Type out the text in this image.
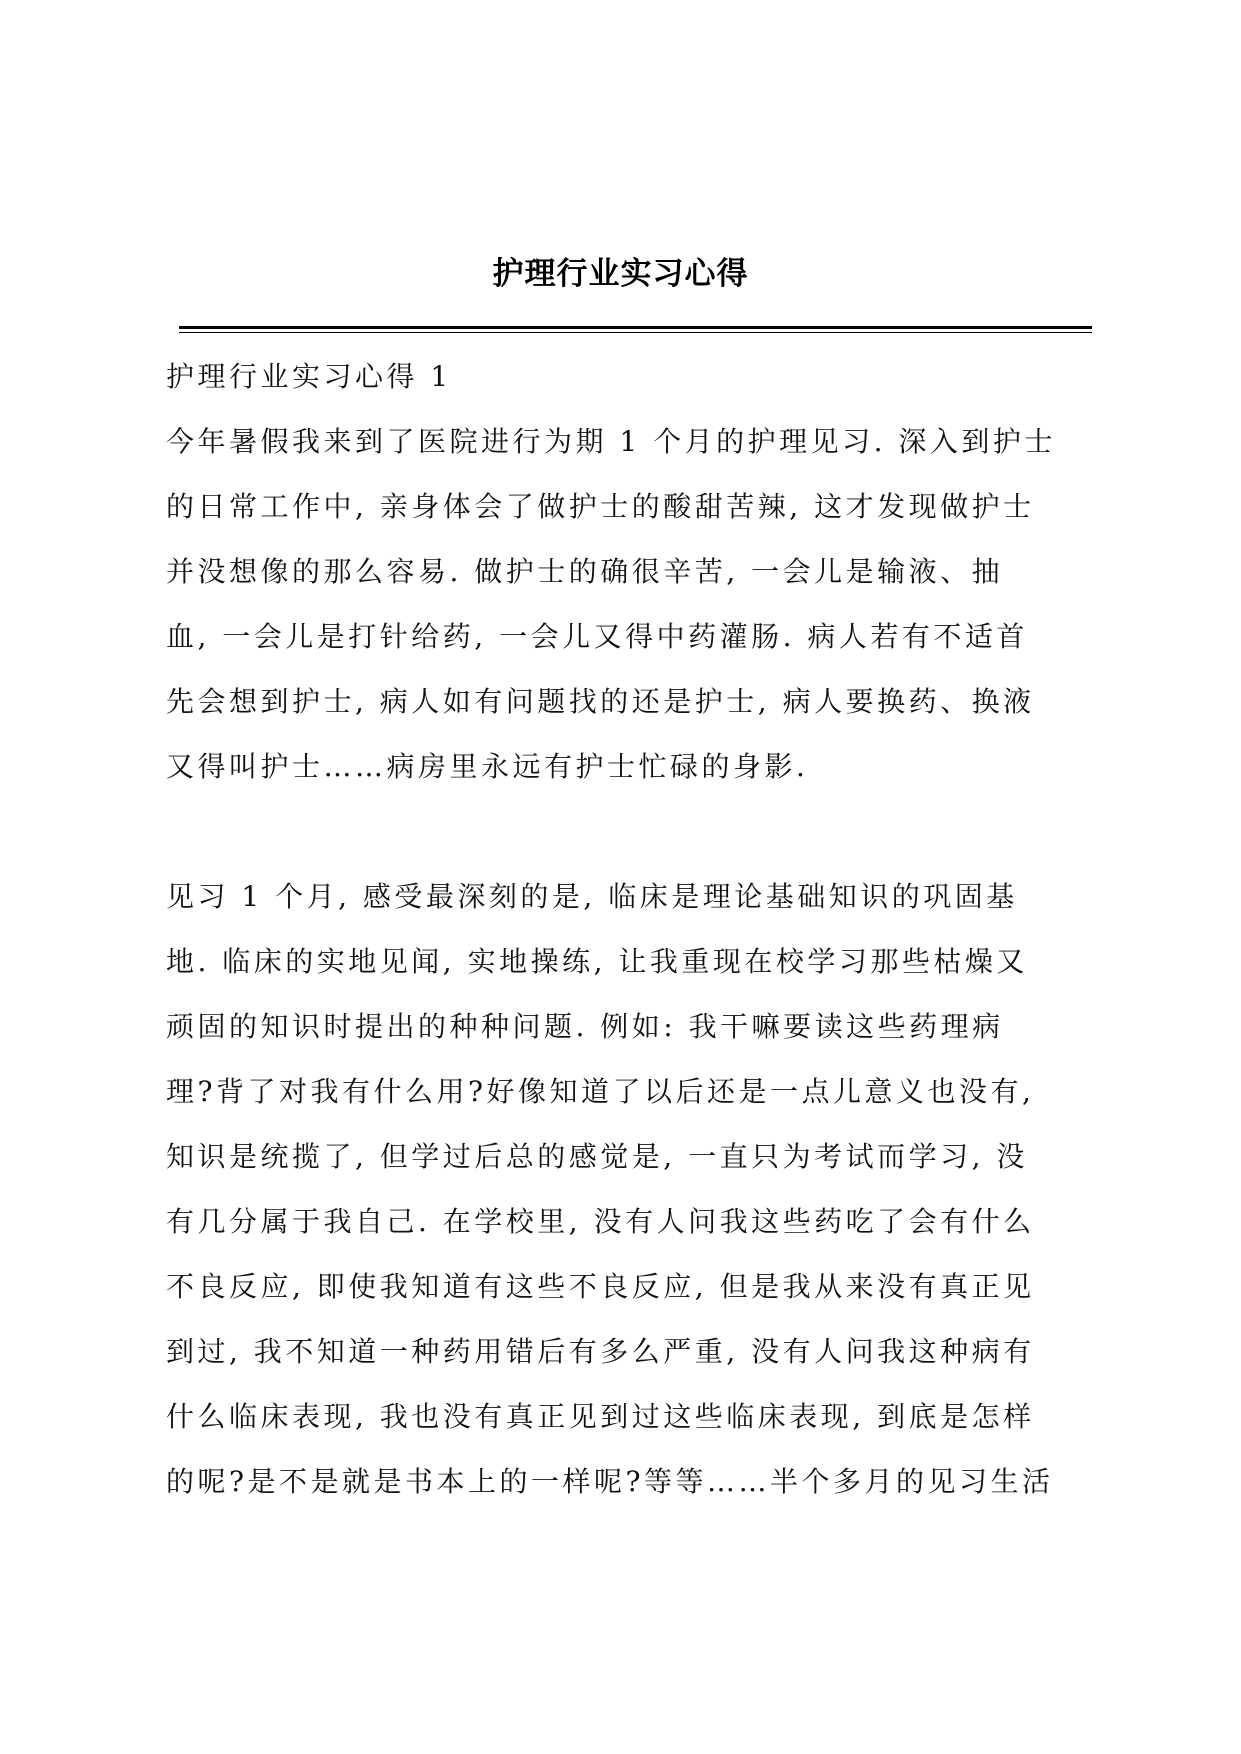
护理行业实习心得
护理行业实习心得 1
今年暑假我来到了医院进行为期 1 个月的护理见习. 深入到护士
的日常工作中, 亲身体会了做护士的酸甜苦辣, 这才发现做护士
并没想像的那么容易. 做护士的确很辛苦, 一会儿是输液、抽
血, 一会儿是打针给药, 一会儿又得中药灌肠. 病人若有不适首
先会想到护士, 病人如有问题找的还是护士, 病人要换药、换液
又得叫护士……病房里永远有护士忙碌的身影.
见习 1 个月, 感受最深刻的是, 临床是理论基础知识的巩固基
地. 临床的实地见闻, 实地操练, 让我重现在校学习那些枯燥又
顽固的知识时提出的种种问题. 例如: 我干嘛要读这些药理病
理?背了对我有什么用?好像知道了以后还是一点儿意义也没有,
知识是统揽了, 但学过后总的感觉是, 一直只为考试而学习, 没
有几分属于我自己. 在学校里, 没有人问我这些药吃了会有什么
不良反应, 即使我知道有这些不良反应, 但是我从来没有真正见
到过, 我不知道一种药用错后有多么严重, 没有人问我这种病有
什么临床表现, 我也没有真正见到过这些临床表现, 到底是怎样
的呢?是不是就是书本上的一样呢?等等……半个多月的见习生活
